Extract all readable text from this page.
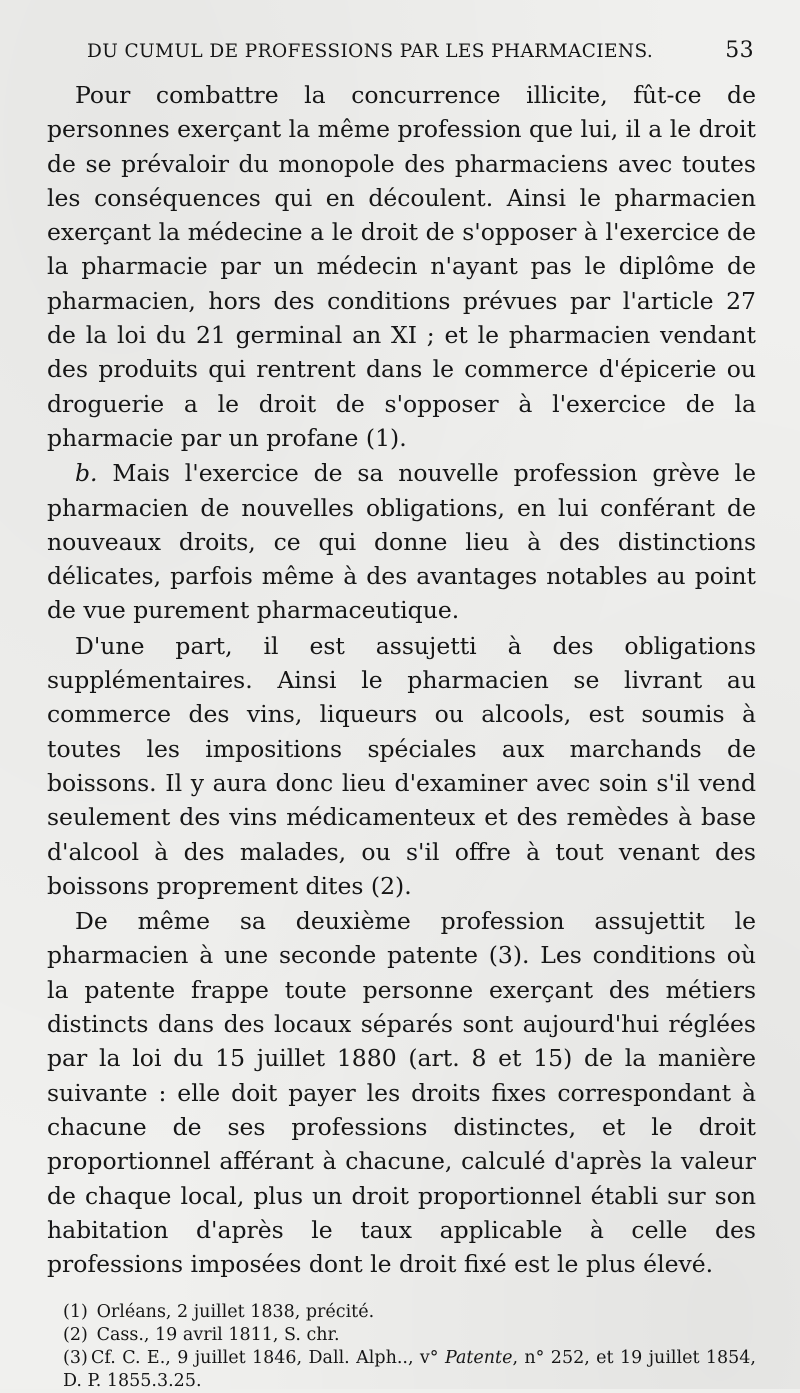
DU CUMUL DE PROFESSIONS PAR LES PHARMACIENS.	53

Pour combattre la concurrence illicite, fût-ce de personnes exerçant la même profession que lui, il a le droit de se prévaloir du monopole des pharmaciens avec toutes les conséquences qui en découlent. Ainsi le pharmacien exerçant la médecine a le droit de s'opposer à l'exercice de la pharmacie par un médecin n'ayant pas le diplôme de pharmacien, hors des conditions prévues par l'article 27 de la loi du 21 germinal an XI ; et le pharmacien vendant des produits qui rentrent dans le commerce d'épicerie ou droguerie a le droit de s'opposer à l'exercice de la pharmacie par un profane (1).

b. Mais l'exercice de sa nouvelle profession grève le pharmacien de nouvelles obligations, en lui conférant de nouveaux droits, ce qui donne lieu à des distinctions délicates, parfois même à des avantages notables au point de vue purement pharmaceutique.

D'une part, il est assujetti à des obligations supplémentaires. Ainsi le pharmacien se livrant au commerce des vins, liqueurs ou alcools, est soumis à toutes les impositions spéciales aux marchands de boissons. Il y aura donc lieu d'examiner avec soin s'il vend seulement des vins médicamenteux et des remèdes à base d'alcool à des malades, ou s'il offre à tout venant des boissons proprement dites (2).

De même sa deuxième profession assujettit le pharmacien à une seconde patente (3). Les conditions où la patente frappe toute personne exerçant des métiers distincts dans des locaux séparés sont aujourd'hui réglées par la loi du 15 juillet 1880 (art. 8 et 15) de la manière suivante : elle doit payer les droits fixes correspondant à chacune de ses professions distinctes, et le droit proportionnel afférant à chacune, calculé d'après la valeur de chaque local, plus un droit proportionnel établi sur son habitation d'après le taux applicable à celle des professions imposées dont le droit fixé est le plus élevé.

(1) Orléans, 2 juillet 1838, précité.
(2) Cass., 19 avril 1811, S. chr.
(3) Cf. C. E., 9 juillet 1846, Dall. Alph.., v° Patente, n° 252, et 19 juillet 1854, D. P. 1855.3.25.
